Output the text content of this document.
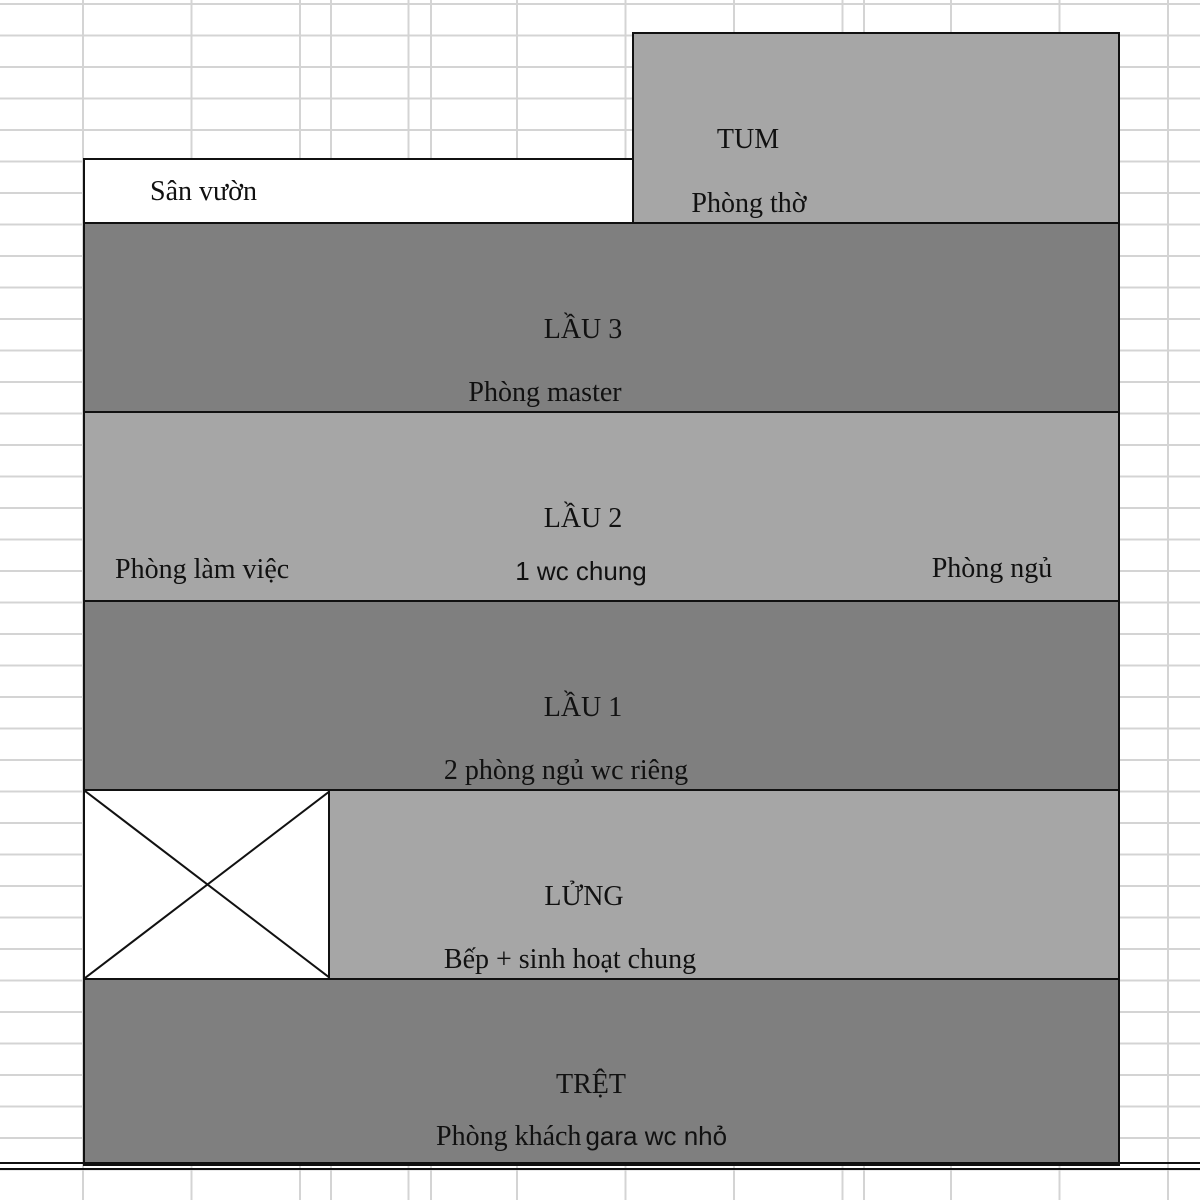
Sân vườn
TUM
Phòng thờ
LẦU 3
Phòng master
LẦU 2
Phòng làm việc	1 wc chung	Phòng ngủ
LẦU 1
2 phòng ngủ wc riêng
LỬNG
Bếp + sinh hoạt chung
TRỆT
Phòng khách gara wc nhỏ
